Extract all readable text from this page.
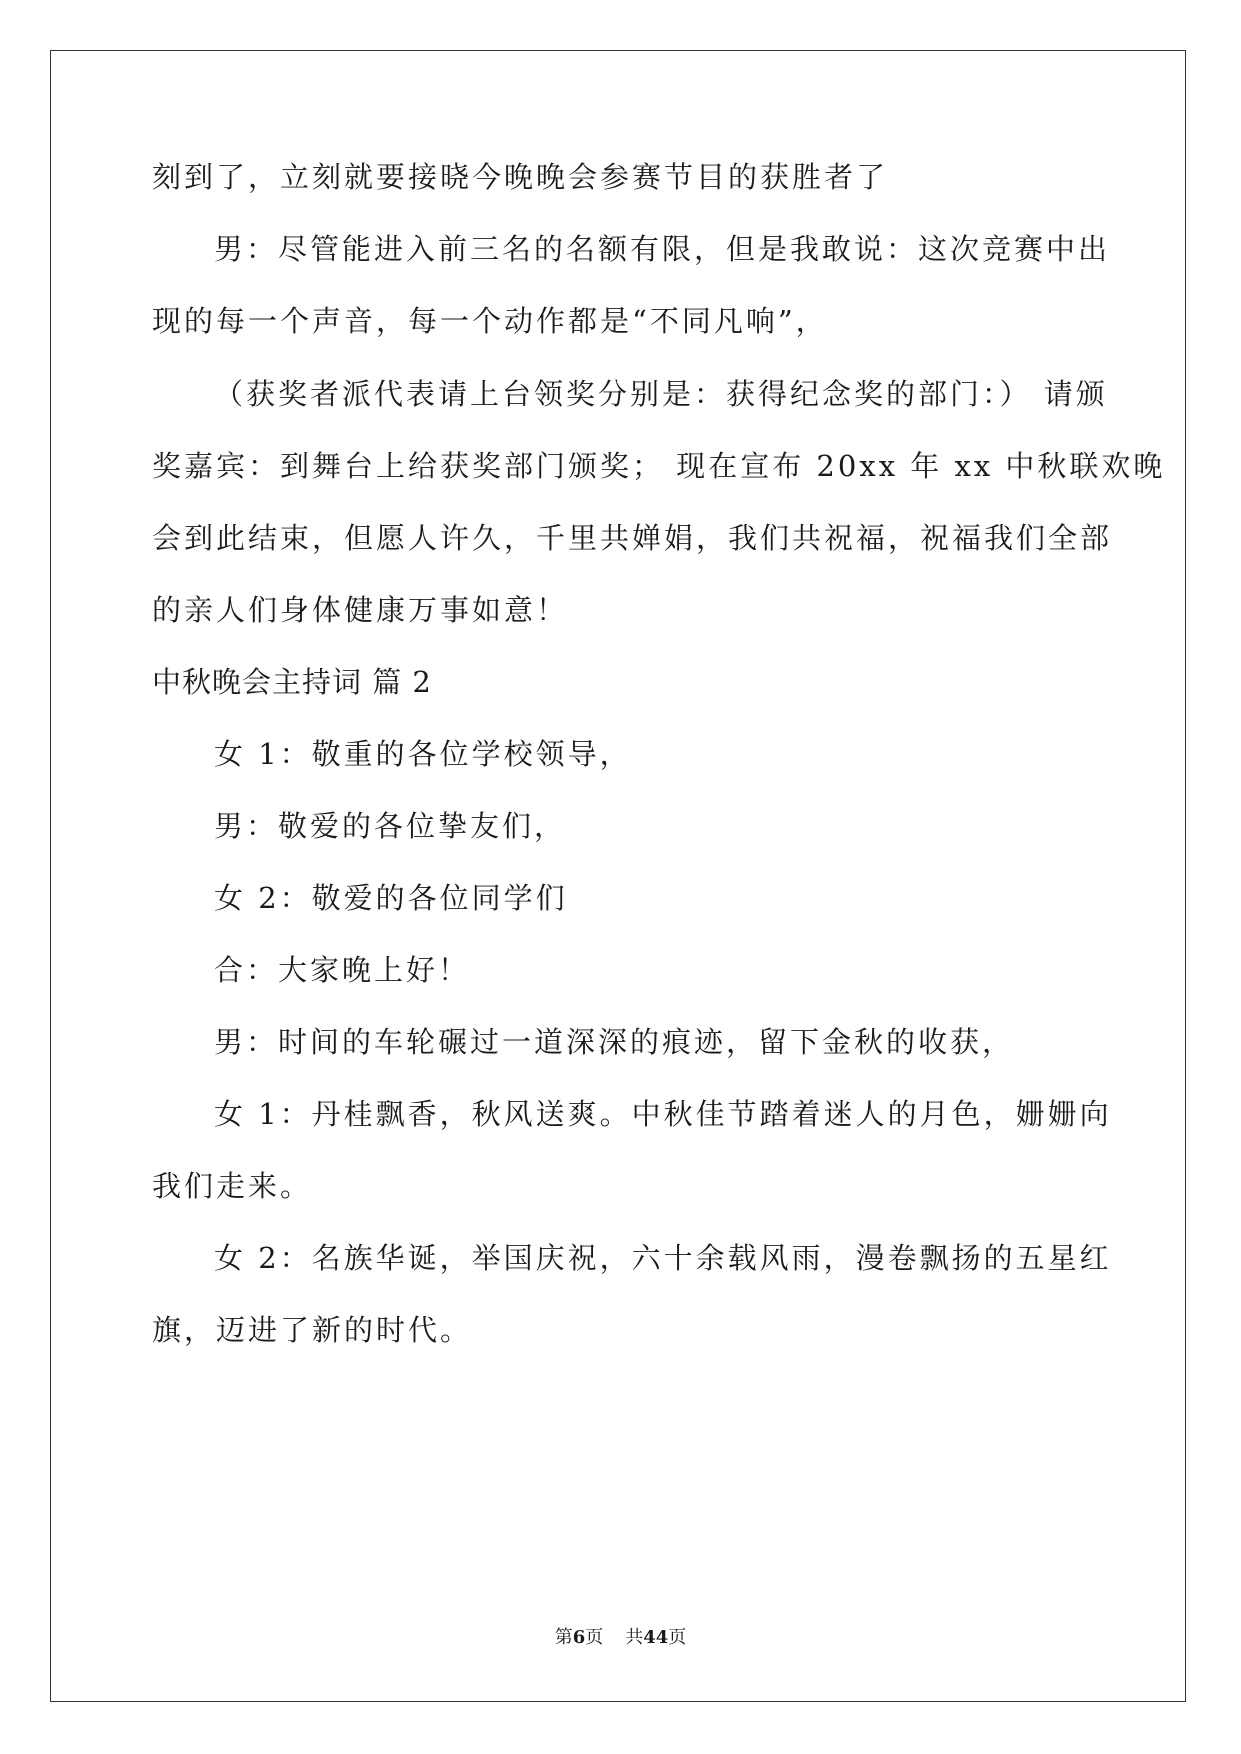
刻到了，立刻就要接晓今晚晚会参赛节目的获胜者了
男：尽管能进入前三名的名额有限，但是我敢说：这次竞赛中出
现的每一个声音，每一个动作都是“不同凡响”，
（获奖者派代表请上台领奖分别是：获得纪念奖的部门：） 请颁
奖嘉宾：到舞台上给获奖部门颁奖； 现在宣布 20xx 年 xx 中秋联欢晚
会到此结束，但愿人许久，千里共婵娟，我们共祝福，祝福我们全部
的亲人们身体健康万事如意！
中秋晚会主持词 篇 2
女 1：敬重的各位学校领导，
男：敬爱的各位挚友们，
女 2：敬爱的各位同学们
合：大家晚上好！
男：时间的车轮碾过一道深深的痕迹，留下金秋的收获，
女 1：丹桂飘香，秋风送爽。中秋佳节踏着迷人的月色，姗姗向
我们走来。
女 2：名族华诞，举国庆祝，六十余载风雨，漫卷飘扬的五星红
旗，迈进了新的时代。
第6页 共44页
